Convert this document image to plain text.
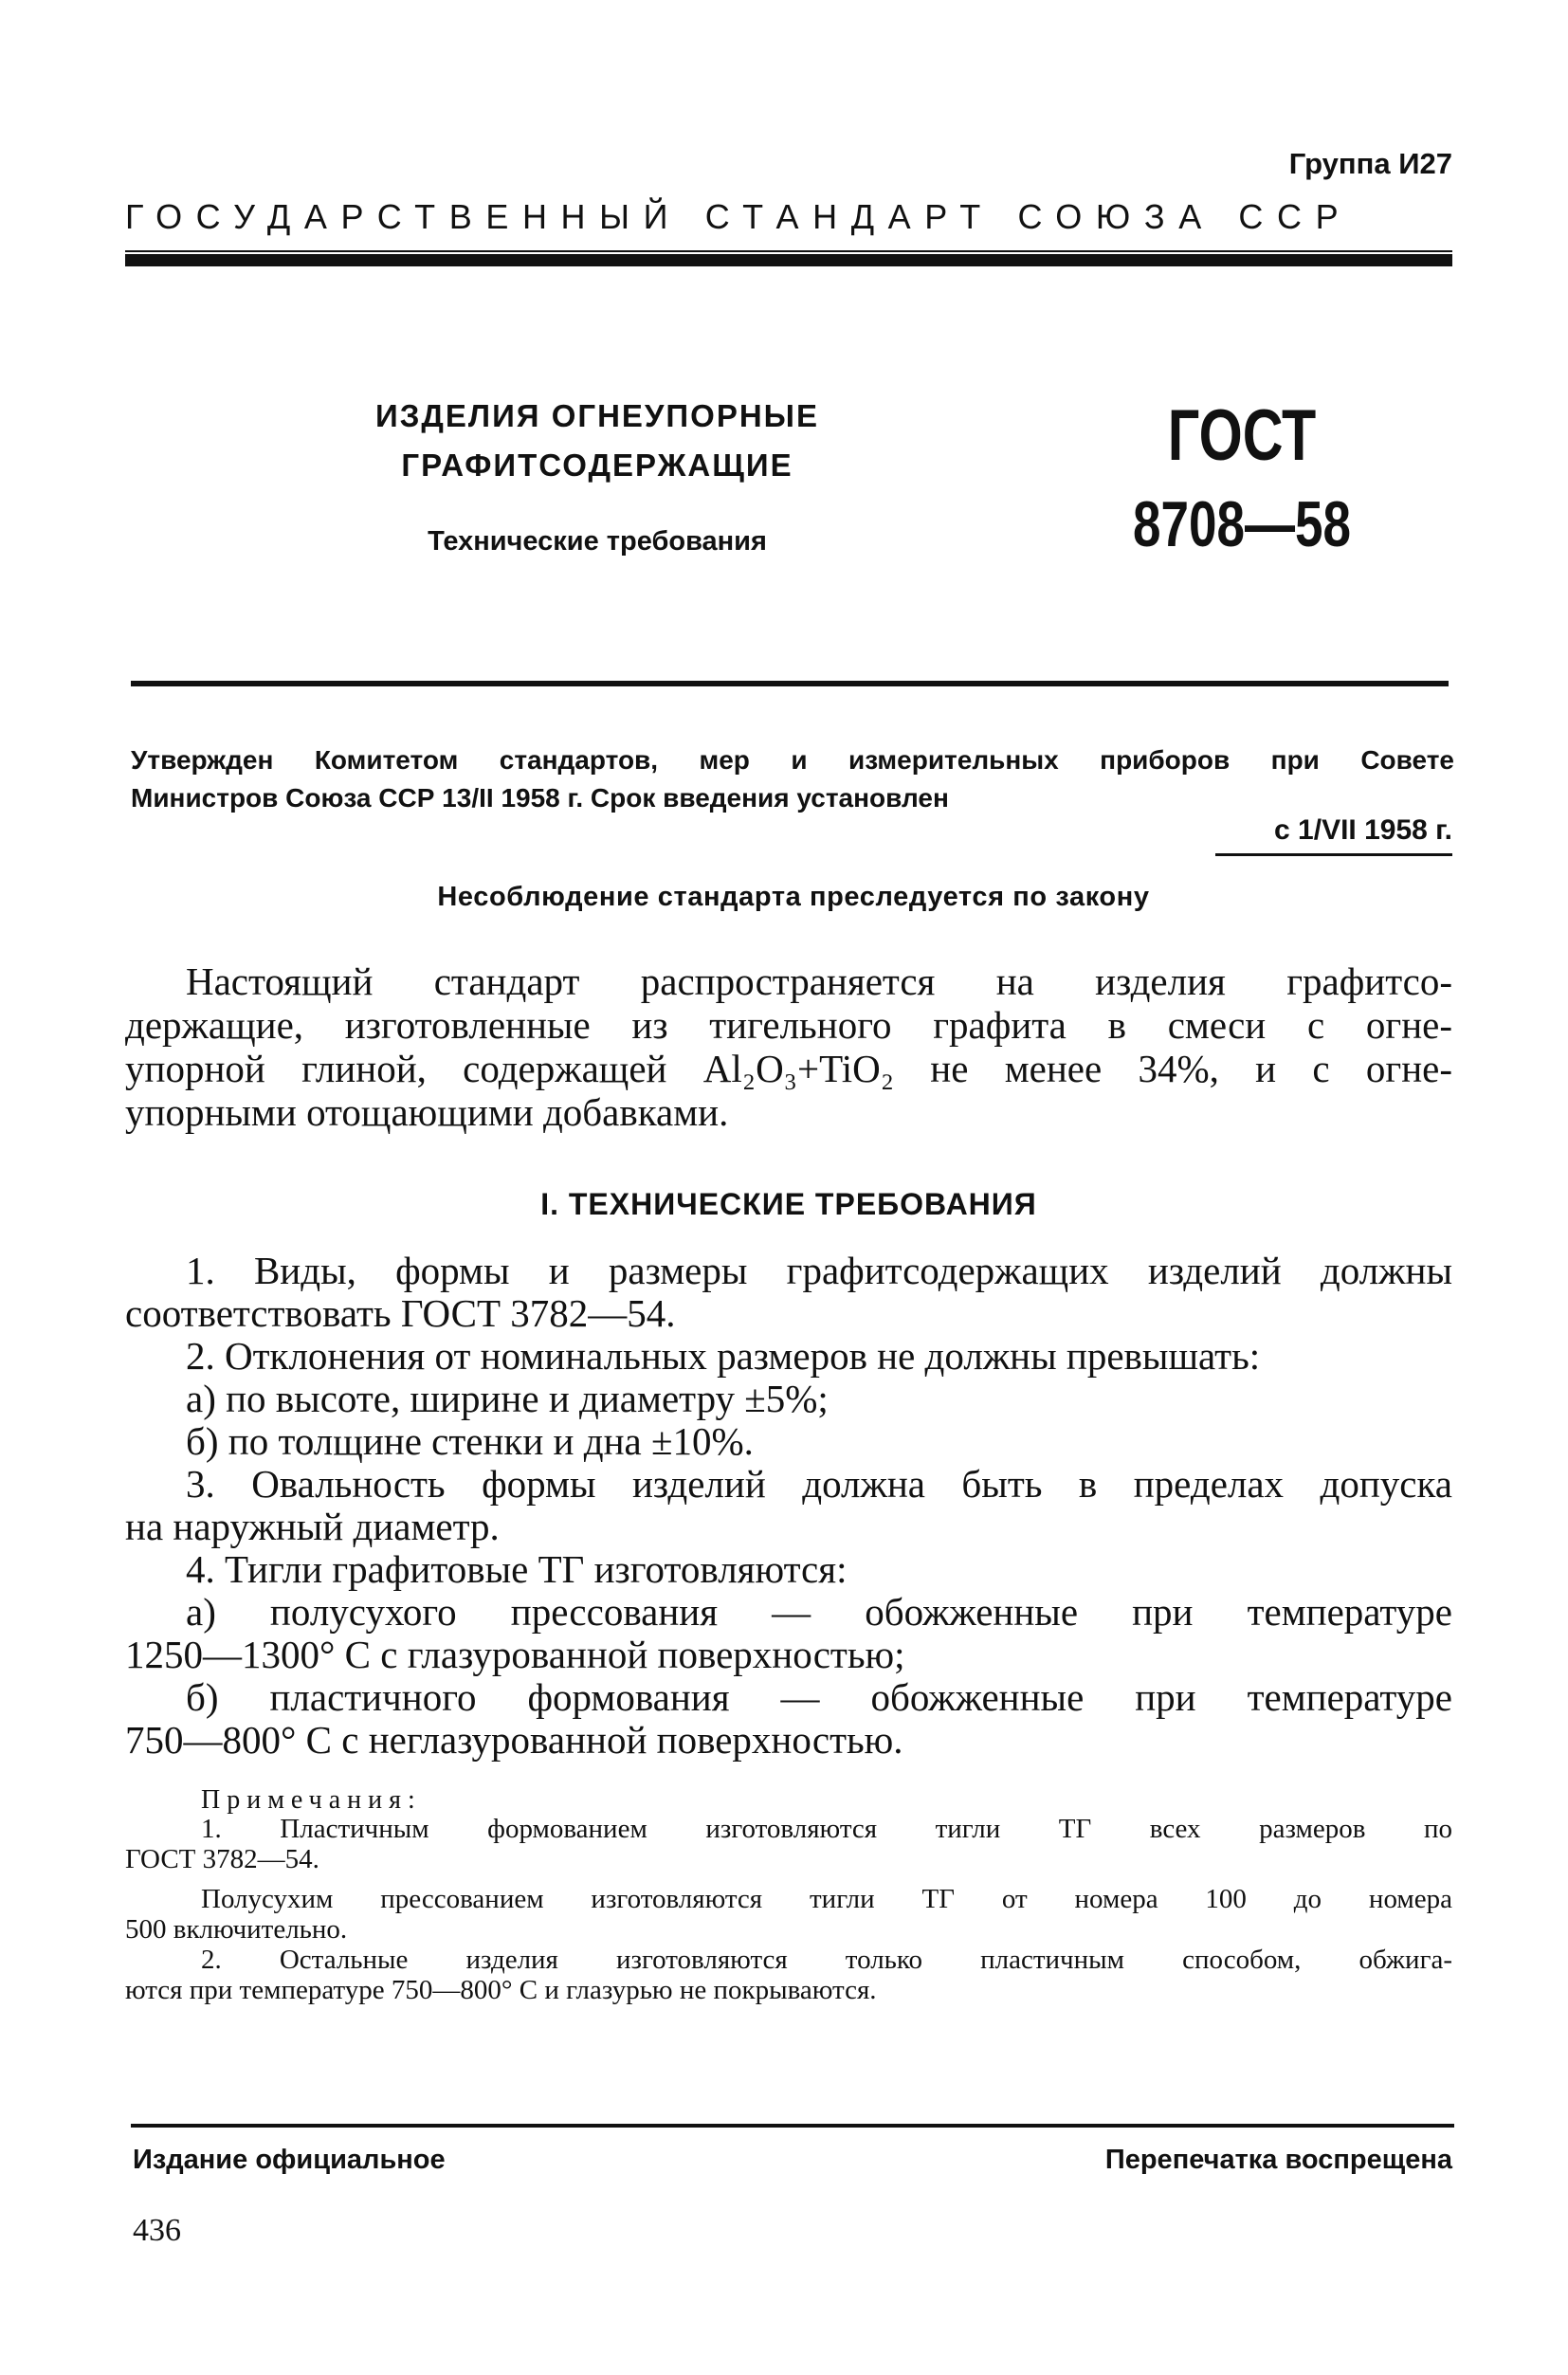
Группа И27
ГОСУДАРСТВЕННЫЙ СТАНДАРТ СОЮЗА ССР
ИЗДЕЛИЯ ОГНЕУПОРНЫЕ
ГРАФИТСОДЕРЖАЩИЕ
Технические требования
ГОСТ
8708—58
Утвержден Комитетом стандартов, мер и измерительных приборов при Совете
Министров Союза ССР 13/II 1958 г. Срок введения установлен
с 1/VII 1958 г.
Несоблюдение стандарта преследуется по закону
Настоящий стандарт распространяется на изделия графитсо-
держащие, изготовленные из тигельного графита в смеси с огне-
упорной глиной, содержащей Al₂O₃+TiO₂ не менее 34%, и с огне-
упорными отощающими добавками.
I. ТЕХНИЧЕСКИЕ ТРЕБОВАНИЯ
1. Виды, формы и размеры графитсодержащих изделий должны
соответствовать ГОСТ 3782—54.
2. Отклонения от номинальных размеров не должны превышать:
а) по высоте, ширине и диаметру ±5%;
б) по толщине стенки и дна ±10%.
3. Овальность формы изделий должна быть в пределах допуска
на наружный диаметр.
4. Тигли графитовые ТГ изготовляются:
а) полусухого прессования — обожженные при температуре
1250—1300° С с глазурованной поверхностью;
б) пластичного формования — обожженные при температуре
750—800° С с неглазурованной поверхностью.
Примечания:
1. Пластичным формованием изготовляются тигли ТГ всех размеров по
ГОСТ 3782—54.
Полусухим прессованием изготовляются тигли ТГ от номера 100 до номера
500 включительно.
2. Остальные изделия изготовляются только пластичным способом, обжига-
ются при температуре 750—800° С и глазурью не покрываются.
Издание официальное	Перепечатка воспрещена
436
